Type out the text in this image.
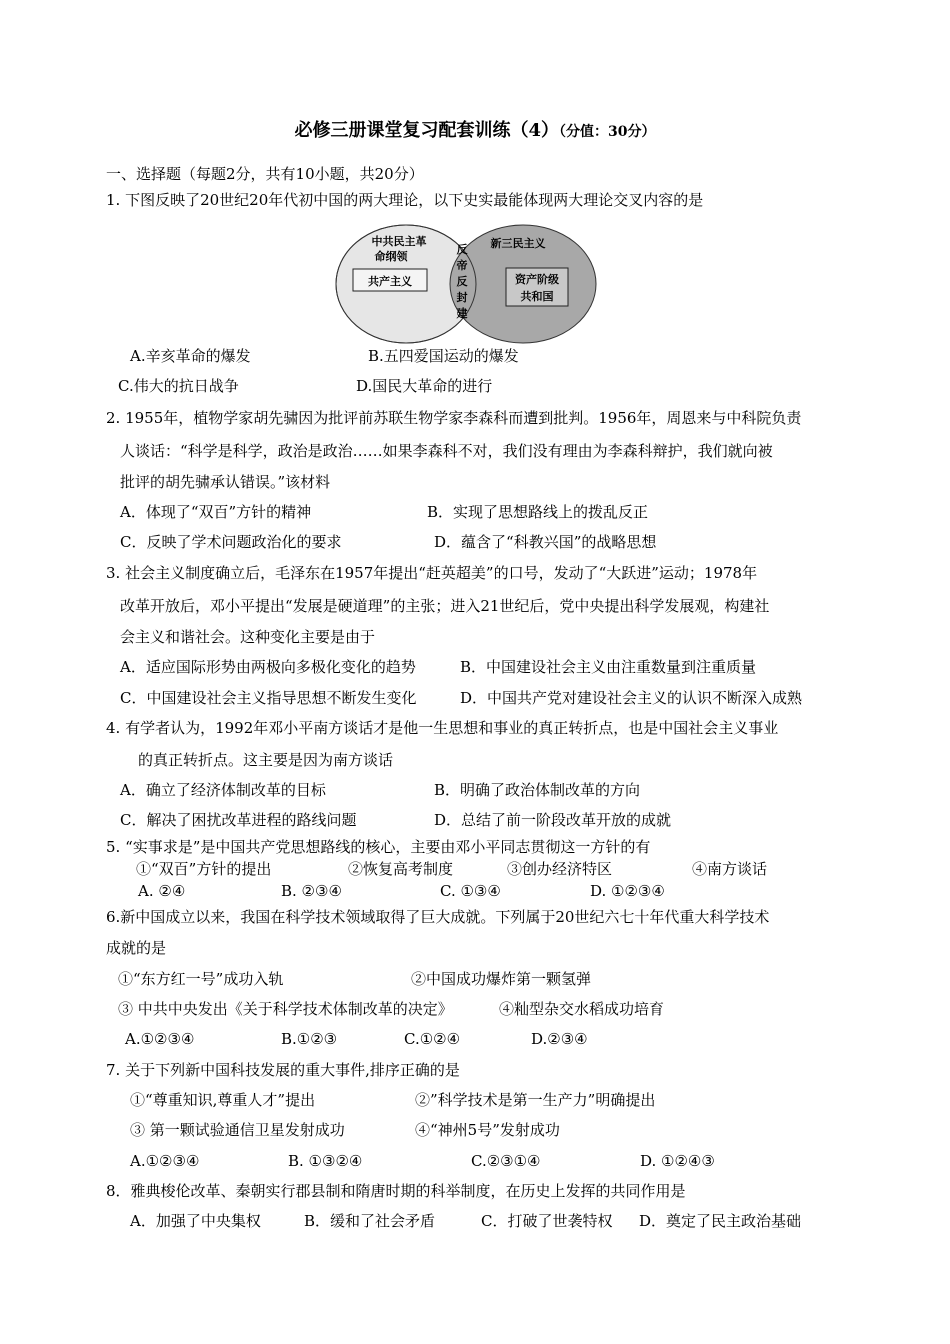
必修三册课堂复习配套训练（4）（分值：30分）
一、选择题（每题2分，共有10小题，共20分）
1. 下图反映了20世纪20年代初中国的两大理论，以下史实最能体现两大理论交叉内容的是
中共民主革
命纲领
共产主义
反
帝
反
封
建
新三民主义
资产阶级
共和国
A.辛亥革命的爆发	B.五四爱国运动的爆发
C.伟大的抗日战争	D.国民大革命的进行
2. 1955年，植物学家胡先骕因为批评前苏联生物学家李森科而遭到批判。1956年，周恩来与中科院负责
人谈话：“科学是科学，政治是政治……如果李森科不对，我们没有理由为李森科辩护，我们就向被
批评的胡先骕承认错误。”该材料
A．体现了“双百”方针的精神	B．实现了思想路线上的拨乱反正
C．反映了学术问题政治化的要求	D．蕴含了“科教兴国”的战略思想
3. 社会主义制度确立后，毛泽东在1957年提出“赶英超美”的口号，发动了“大跃进”运动；1978年
改革开放后，邓小平提出“发展是硬道理”的主张；进入21世纪后，党中央提出科学发展观，构建社
会主义和谐社会。这种变化主要是由于
A．适应国际形势由两极向多极化变化的趋势	B．中国建设社会主义由注重数量到注重质量
C．中国建设社会主义指导思想不断发生变化	D．中国共产党对建设社会主义的认识不断深入成熟
4. 有学者认为，1992年邓小平南方谈话才是他一生思想和事业的真正转折点，也是中国社会主义事业
的真正转折点。这主要是因为南方谈话
A．确立了经济体制改革的目标	B．明确了政治体制改革的方向
C．解决了困扰改革进程的路线问题	D．总结了前一阶段改革开放的成就
5. “实事求是”是中国共产党思想路线的核心，主要由邓小平同志贯彻这一方针的有
①“双百”方针的提出	②恢复高考制度	③创办经济特区	④南方谈话
A. ②④	B. ②③④	C. ①③④	D. ①②③④
6.新中国成立以来，我国在科学技术领域取得了巨大成就。下列属于20世纪六七十年代重大科学技术
成就的是
①“东方红一号”成功入轨	②中国成功爆炸第一颗氢弹
③ 中共中央发出《关于科学技术体制改革的决定》	④籼型杂交水稻成功培育
A.①②③④	B.①②③	C.①②④	D.②③④
7. 关于下列新中国科技发展的重大事件,排序正确的是
①“尊重知识,尊重人才”提出	②”科学技术是第一生产力”明确提出
③ 第一颗试验通信卫星发射成功	④“神州5号”发射成功
A.①②③④	B. ①③②④	C.②③①④	D. ①②④③
8．雅典梭伦改革、秦朝实行郡县制和隋唐时期的科举制度，在历史上发挥的共同作用是
A．加强了中央集权	B．缓和了社会矛盾	C．打破了世袭特权 D．奠定了民主政治基础
